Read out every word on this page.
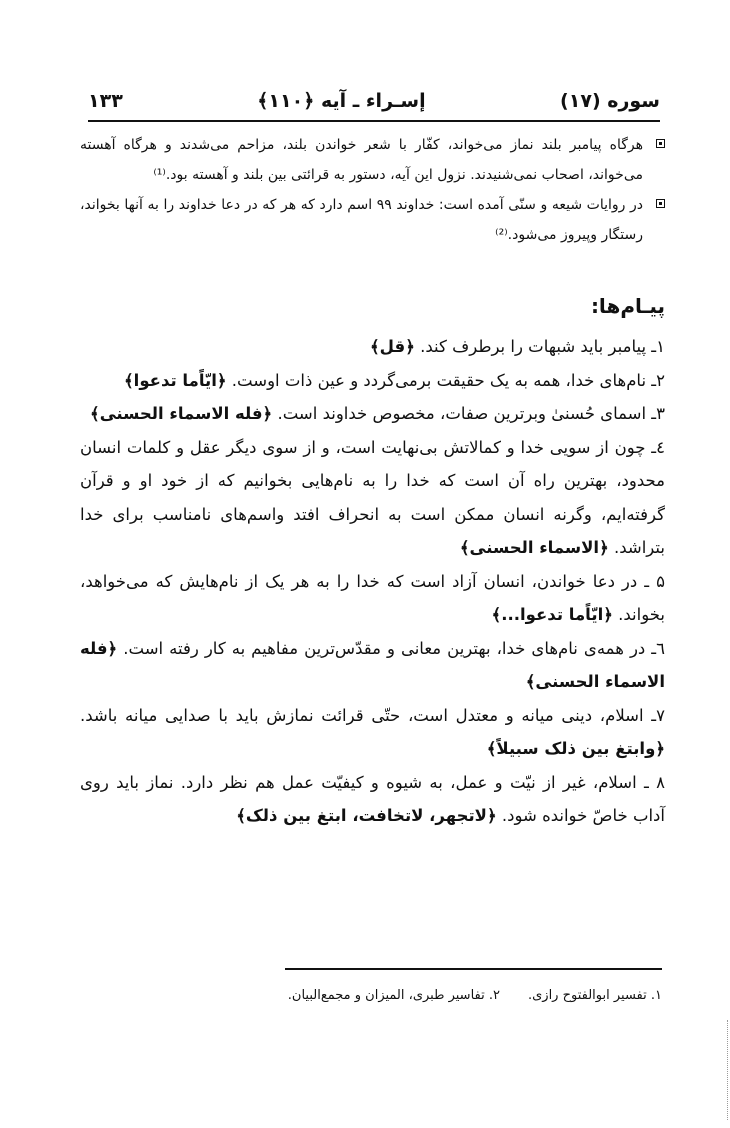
سوره (۱۷)
إسـراء ـ آیه ﴿۱۱۰﴾
۱۳۳
هرگاه پیامبر بلند نماز می‌خواند، کفّار با شعر خواندن بلند، مزاحم می‌شدند و هرگاه آهسته می‌خواند، اصحاب نمی‌شنیدند. نزول این آیه، دستور به قرائتی بین بلند و آهسته بود.⁽¹⁾
در روایات شیعه و سنّی آمده است: خداوند ۹۹ اسم دارد که هر که در دعا خداوند را به آنها بخواند، رستگار وپیروز می‌شود.⁽²⁾
پیـام‌ها:

۱ـ پیامبر باید شبهات را برطرف کند. ﴿قل﴾

۲ـ نام‌های خدا، همه به یک حقیقت برمی‌گردد و عین ذات اوست. ﴿ایّاًما تدعوا﴾

۳ـ اسمای حُسنیٰ وبرترین صفات، مخصوص خداوند است. ﴿فله الاسماء الحسنی﴾

٤ـ چون از سویی خدا و کمالاتش بی‌نهایت است، و از سوی دیگر عقل و کلمات انسان محدود، بهترین راه آن است که خدا را به نام‌هایی بخوانیم که از خود او و قرآن گرفته‌ایم، وگرنه انسان ممکن است به انحراف افتد واسم‌های نامناسب برای خدا بتراشد. ﴿الاسماء الحسنی﴾

۵ ـ در دعا خواندن، انسان آزاد است که خدا را به هر یک از نام‌هایش که می‌خواهد، بخواند. ﴿ایّاًما تدعوا...﴾

٦ـ در همه‌ی نام‌های خدا، بهترین معانی و مقدّس‌ترین مفاهیم به کار رفته است. ﴿فله الاسماء الحسنی﴾

۷ـ اسلام، دینی میانه و معتدل است، حتّی قرائت نمازش باید با صدایی میانه باشد. ﴿وابتغ بین ذلک سبیلاً﴾

۸ ـ اسلام، غیر از نیّت و عمل، به شیوه و کیفیّت عمل هم نظر دارد. نماز باید روی آداب خاصّ خوانده شود. ﴿لاتجهر، لاتخافت، ابتغ بین ذلک﴾

۱. تفسیر ابوالفتوح رازی.
۲. تفاسیر طبری، المیزان و مجمع‌البیان.
